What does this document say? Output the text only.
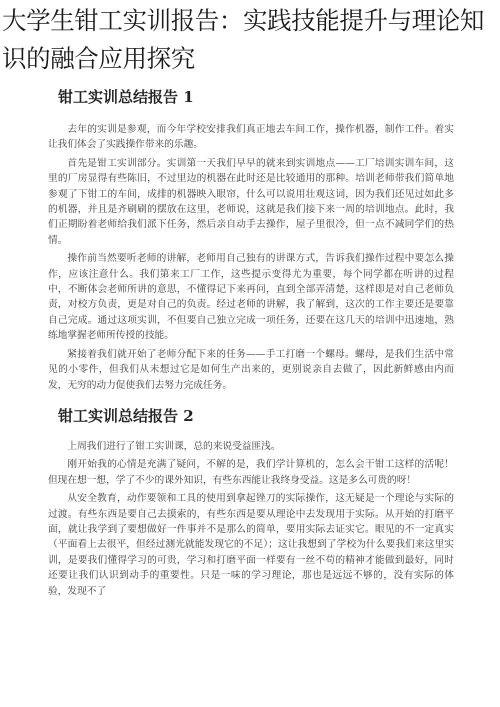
大学生钳工实训报告：实践技能提升与理论知识的融合应用探究
钳工实训总结报告 1

去年的实训是参观，而今年学校安排我们真正地去车间工作，操作机器，制作工件。着实让我们体会了实践操作带来的乐趣。

首先是钳工实训部分。实训第一天我们早早的就来到实训地点——工厂培训实训车间，这里的厂房显得有些陈旧，不过里边的机器在此时还是比较通用的那种。培训老师带我们简单地参观了下钳工的车间，成排的机器映入眼帘，什么可以说用壮观这词，因为我们还见过如此多的机器，并且是齐刷刷的摆放在这里，老师说，这就是我们接下来一周的培训地点。此时，我们正期盼着老师给我们派下任务，然后亲自动手去操作，屋子里很冷，但一点不减同学们的热情。

操作前当然要听老师的讲解，老师用自己独有的讲课方式，告诉我们操作过程中要怎么操作，应该注意什么。我们第来工厂工作，这些提示变得尤为重要，每个同学都在听讲的过程中，不断体会老师所讲的意思，不懂得记下来再问，直到全部弄清楚，这样即是对自己老师负责，对校方负责，更是对自己的负责。经过老师的讲解，我了解到，这次的工作主要还是要靠自己完成。通过这项实训，不但要自己独立完成一项任务，还要在这几天的培训中迅速地，熟练地掌握老师所传授的技能。

紧接着我们就开始了老师分配下来的任务——手工打磨一个螺母。螺母，是我们生活中常见的小零件，但我们从未想过它是如何生产出来的，更别说亲自去做了，因此新鲜感由内而发，无穷的动力促使我们去努力完成任务。

钳工实训总结报告 2

上周我们进行了钳工实训课，总的来说受益匪浅。

刚开始我的心情是充满了疑问，不解的是，我们学计算机的，怎么会干钳工这样的活呢！但现在想一想，学了不少的课外知识，有些东西能让我终身受益。这是多么可贵的呀！

从安全教育，动作要领和工具的使用到拿起锉刀的实际操作，这无疑是一个理论与实际的过渡。有些东西是要自己去摸索的，有些东西是要从理论中去发现用于实际。从开始的打磨平面，就让我学到了要想做好一件事并不是那么的简单，要用实际去证实它。眼见的不一定真实（平面看上去很平，但经过测光就能发现它的不足）；这让我想到了学校为什么要我们来这里实训，是要我们懂得学习的可贵，学习和打磨平面一样要有一丝不苟的精神才能做到最好，同时还要让我们认识到动手的重要性。只是一味的学习理论，那也是远远不够的，没有实际的体验，发现不了
